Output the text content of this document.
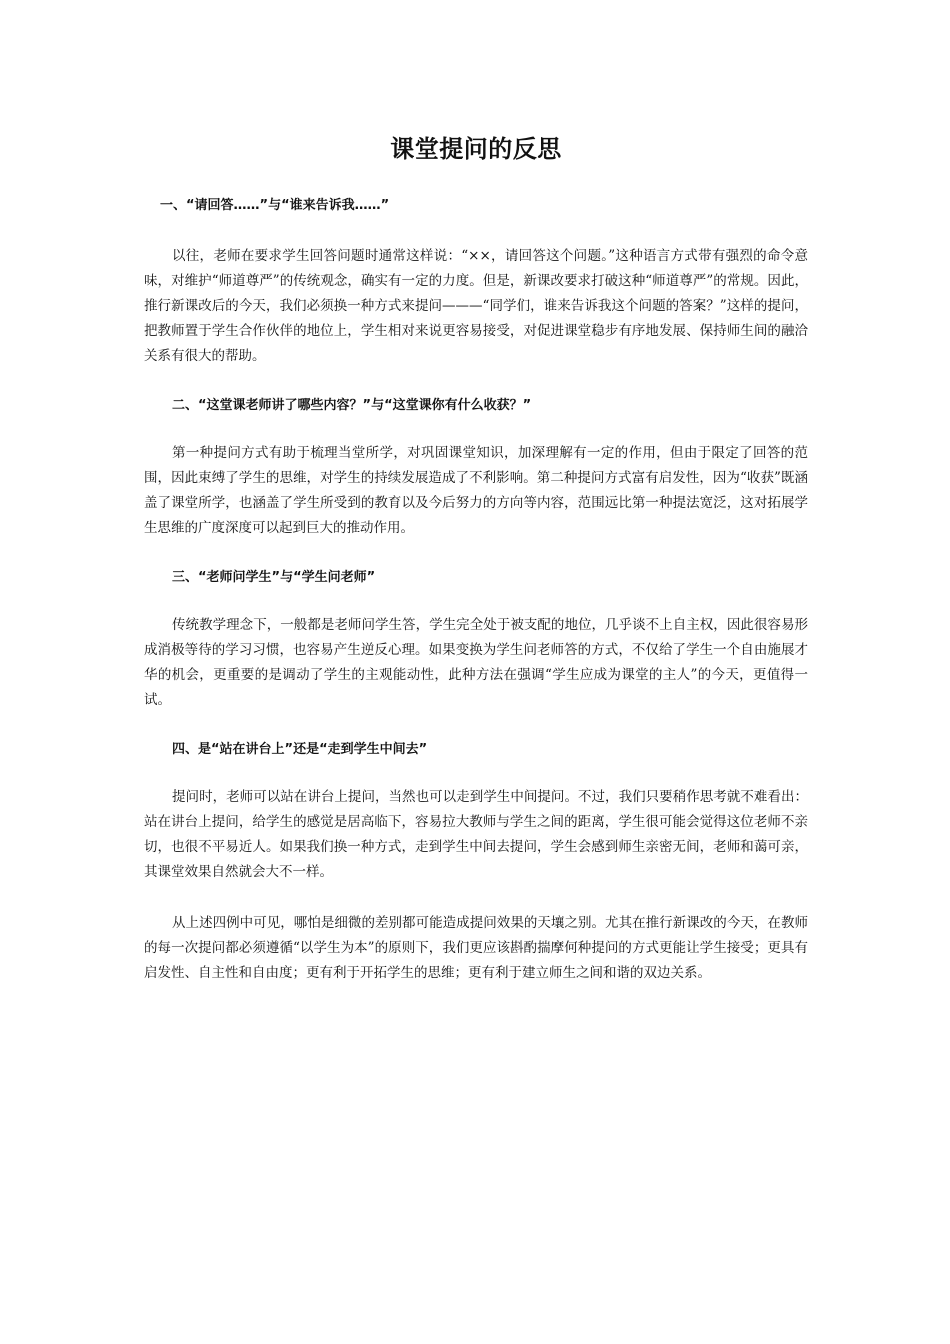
课堂提问的反思
一、“请回答……”与“谁来告诉我……”

以往，老师在要求学生回答问题时通常这样说：“××，请回答这个问题。”这种语言方式带有强烈的命令意味，对维护“师道尊严”的传统观念，确实有一定的力度。但是，新课改要求打破这种“师道尊严”的常规。因此，推行新课改后的今天，我们必须换一种方式来提问———“同学们，谁来告诉我这个问题的答案？”这样的提问，把教师置于学生合作伙伴的地位上，学生相对来说更容易接受，对促进课堂稳步有序地发展、保持师生间的融洽关系有很大的帮助。

二、“这堂课老师讲了哪些内容？”与“这堂课你有什么收获？”

第一种提问方式有助于梳理当堂所学，对巩固课堂知识，加深理解有一定的作用，但由于限定了回答的范围，因此束缚了学生的思维，对学生的持续发展造成了不利影响。第二种提问方式富有启发性，因为“收获”既涵盖了课堂所学，也涵盖了学生所受到的教育以及今后努力的方向等内容，范围远比第一种提法宽泛，这对拓展学生思维的广度深度可以起到巨大的推动作用。

三、“老师问学生”与“学生问老师”

传统教学理念下，一般都是老师问学生答，学生完全处于被支配的地位，几乎谈不上自主权，因此很容易形成消极等待的学习习惯，也容易产生逆反心理。如果变换为学生问老师答的方式，不仅给了学生一个自由施展才华的机会，更重要的是调动了学生的主观能动性，此种方法在强调“学生应成为课堂的主人”的今天，更值得一试。

四、是“站在讲台上”还是“走到学生中间去”

提问时，老师可以站在讲台上提问，当然也可以走到学生中间提问。不过，我们只要稍作思考就不难看出：站在讲台上提问，给学生的感觉是居高临下，容易拉大教师与学生之间的距离，学生很可能会觉得这位老师不亲切，也很不平易近人。如果我们换一种方式，走到学生中间去提问，学生会感到师生亲密无间，老师和蔼可亲，其课堂效果自然就会大不一样。

从上述四例中可见，哪怕是细微的差别都可能造成提问效果的天壤之别。尤其在推行新课改的今天，在教师的每一次提问都必须遵循“以学生为本”的原则下，我们更应该斟酌揣摩何种提问的方式更能让学生接受；更具有启发性、自主性和自由度；更有利于开拓学生的思维；更有利于建立师生之间和谐的双边关系。
